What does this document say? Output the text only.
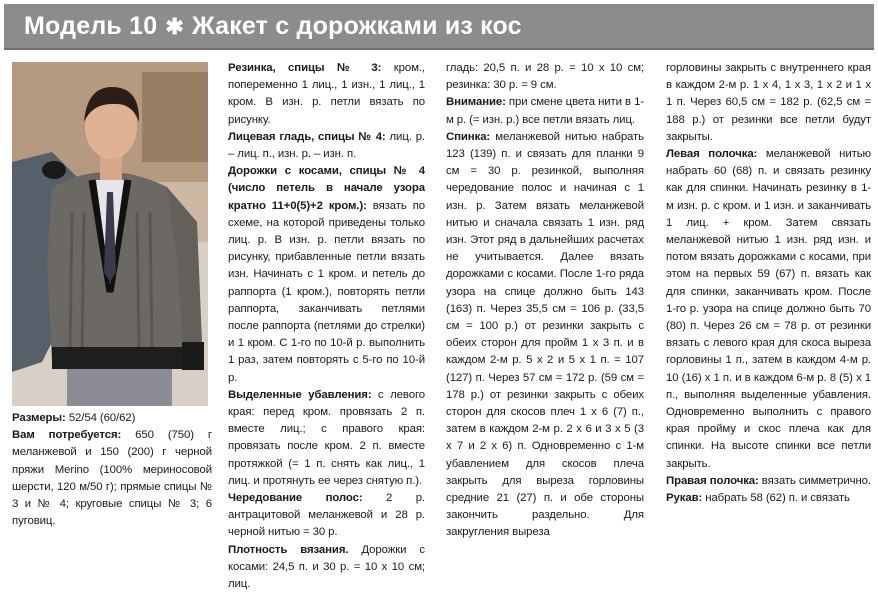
Модель 10 ✱ Жакет с дорожками из кос

Размеры: 52/54 (60/62)

Вам потребуется: 650 (750) г меланжевой и 150 (200) г черной пряжи Merino (100% мериносовой шерсти, 120 м/50 г); прямые спицы № 3 и № 4; круговые спицы № 3; 6 пуговиц.

Резинка, спицы № 3: кром., попеременно 1 лиц., 1 изн., 1 лиц., 1 кром. В изн. р. петли вязать по рисунку.

Лицевая гладь, спицы № 4: лиц. р. – лиц. п., изн. р. – изн. п.

Дорожки с косами, спицы № 4 (число петель в начале узора кратно 11+0(5)+2 кром.): вязать по схеме, на которой приведены только лиц. р. В изн. р. петли вязать по рисунку, прибавленные петли вязать изн. Начинать с 1 кром. и петель до раппорта (1 кром.), повторять петли раппорта, заканчивать петлями после раппорта (петлями до стрелки) и 1 кром. С 1-го по 10-й р. выполнить 1 раз, затем повторять с 5-го по 10-й р.

Выделенные убавления: с левого края: перед кром. провязать 2 п. вместе лиц.; с правого края: провязать после кром. 2 п. вместе протяжкой (= 1 п. снять как лиц., 1 лиц. и протянуть ее через снятую п.).

Чередование полос: 2 р. антрацитовой меланжевой и 28 р. черной нитью = 30 р.

Плотность вязания. Дорожки с косами: 24,5 п. и 30 р. = 10 x 10 см; лиц.

гладь: 20,5 п. и 28 р. = 10 x 10 см; резинка: 30 р. = 9 см.

Внимание: при смене цвета нити в 1-м р. (= изн. р.) все петли вязать лиц.

Спинка: меланжевой нитью набрать 123 (139) п. и связать для планки 9 см = 30 р. резинкой, выполняя чередование полос и начиная с 1 изн. р. Затем вязать меланжевой нитью и сначала связать 1 изн. ряд изн. Этот ряд в дальнейших расчетах не учитывается. Далее вязать дорожками с косами. После 1-го ряда узора на спице должно быть 143 (163) п. Через 35,5 см = 106 р. (33,5 см = 100 р.) от резинки закрыть с обеих сторон для пройм 1 x 3 п. и в каждом 2-м р. 5 x 2 и 5 x 1 п. = 107 (127) п. Через 57 см = 172 р. (59 см = 178 р.) от резинки закрыть с обеих сторон для скосов плеч 1 x 6 (7) п., затем в каждом 2-м р. 2 x 6 и 3 x 5 (3 x 7 и 2 x 6) п. Одновременно с 1-м убавлением для скосов плеча закрыть для выреза горловины средние 21 (27) п. и обе стороны закончить раздельно. Для закругления выреза

горловины закрыть с внутреннего края в каждом 2-м р. 1 x 4, 1 x 3, 1 x 2 и 1 x 1 п. Через 60,5 см = 182 р. (62,5 см = 188 р.) от резинки все петли будут закрыты.

Левая полочка: меланжевой нитью набрать 60 (68) п. и связать резинку как для спинки. Начинать резинку в 1-м изн. р. с кром. и 1 изн. и заканчивать 1 лиц. + кром. Затем связать меланжевой нитью 1 изн. ряд изн. и потом вязать дорожками с косами, при этом на первых 59 (67) п. вязать как для спинки, заканчивать кром. После 1-го р. узора на спице должно быть 70 (80) п. Через 26 см = 78 р. от резинки вязать с левого края для скоса выреза горловины 1 п., затем в каждом 4-м р. 10 (16) x 1 п. и в каждом 6-м р. 8 (5) x 1 п., выполняя выделенные убавления. Одновременно выполнить с правого края пройму и скос плеча как для спинки. На высоте спинки все петли закрыть.

Правая полочка: вязать симметрично.

Рукав: набрать 58 (62) п. и связать
